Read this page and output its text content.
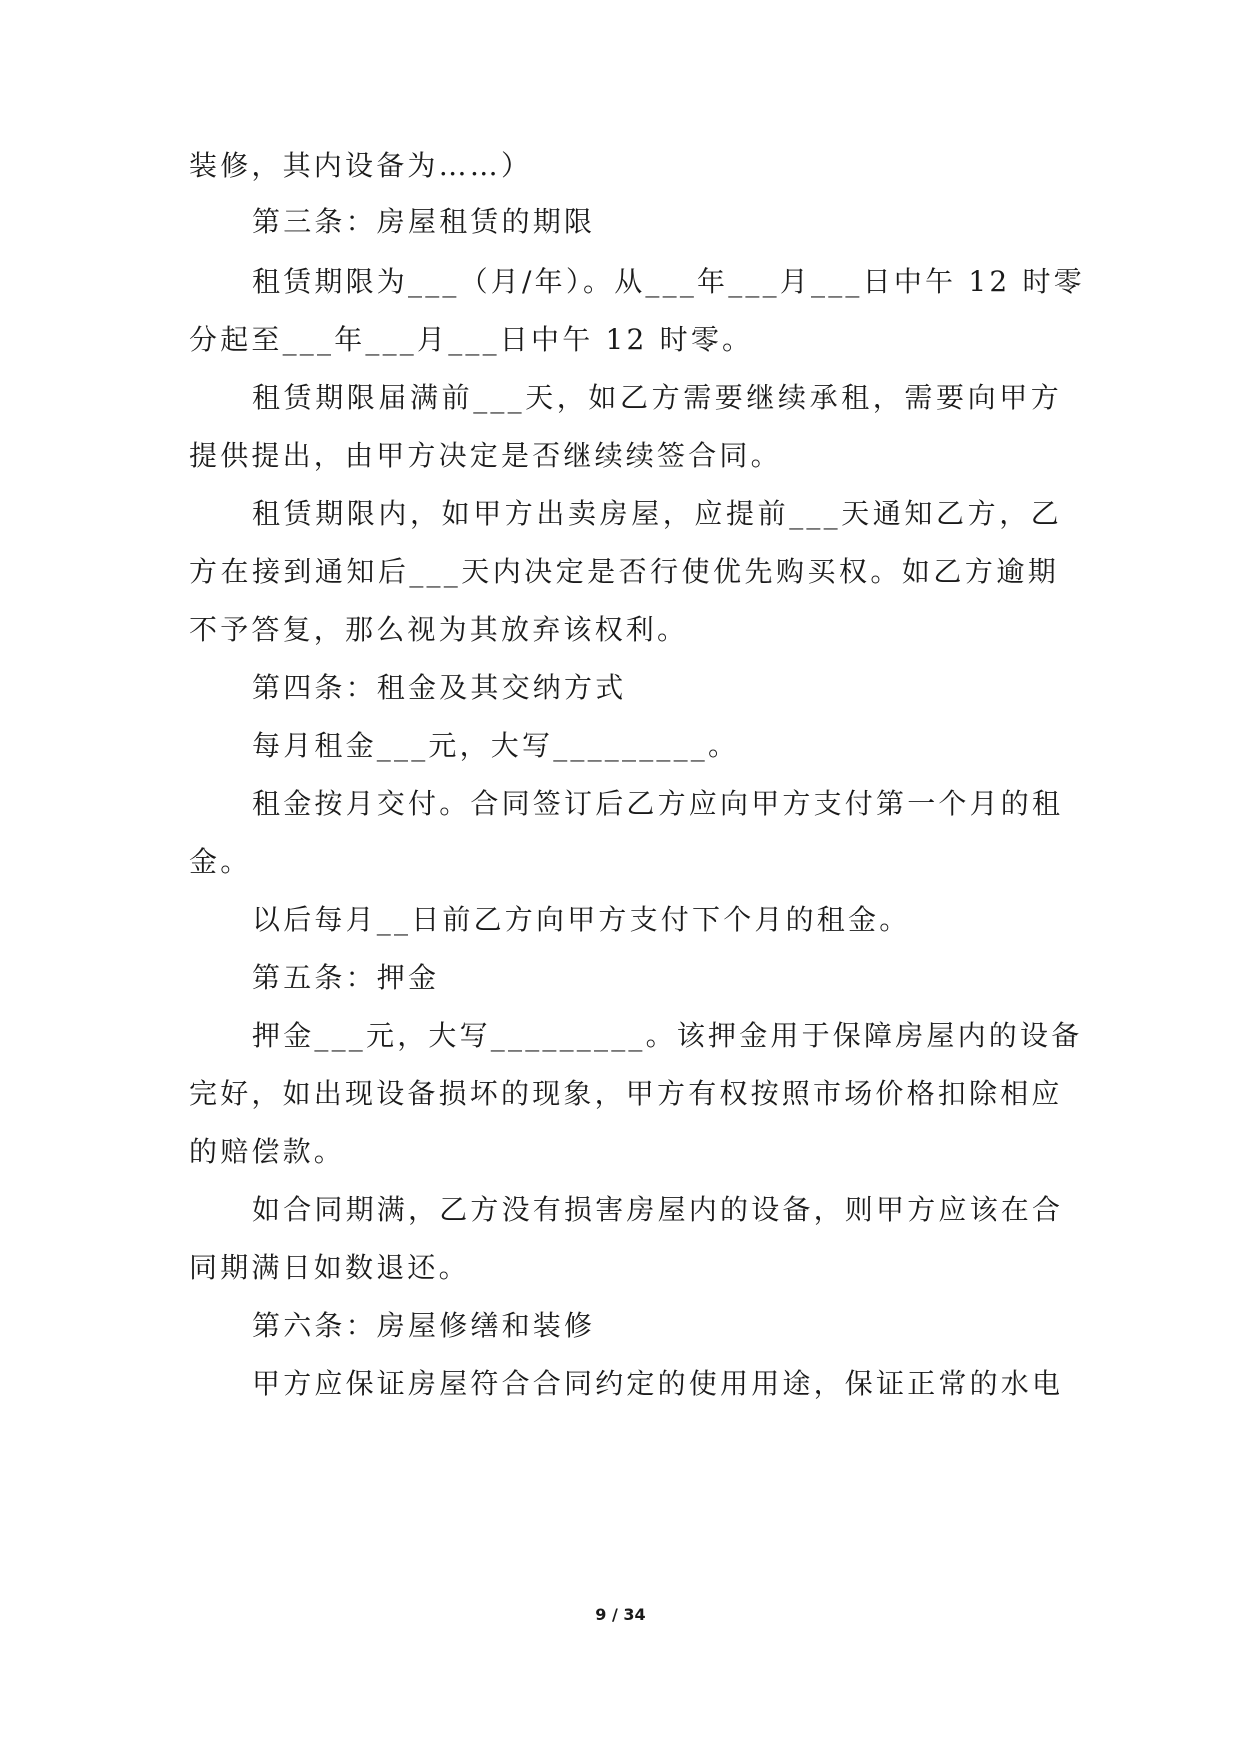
装修，其内设备为……）
第三条：房屋租赁的期限
租赁期限为___（月/年）。从___年___月___日中午 12 时零
分起至___年___月___日中午 12 时零。
租赁期限届满前___天，如乙方需要继续承租，需要向甲方
提供提出，由甲方决定是否继续续签合同。
租赁期限内，如甲方出卖房屋，应提前___天通知乙方，乙
方在接到通知后___天内决定是否行使优先购买权。如乙方逾期
不予答复，那么视为其放弃该权利。
第四条：租金及其交纳方式
每月租金___元，大写_________。
租金按月交付。合同签订后乙方应向甲方支付第一个月的租
金。
以后每月__日前乙方向甲方支付下个月的租金。
第五条：押金
押金___元，大写_________。该押金用于保障房屋内的设备
完好，如出现设备损坏的现象，甲方有权按照市场价格扣除相应
的赔偿款。
如合同期满，乙方没有损害房屋内的设备，则甲方应该在合
同期满日如数退还。
第六条：房屋修缮和装修
甲方应保证房屋符合合同约定的使用用途，保证正常的水电
9 / 34
